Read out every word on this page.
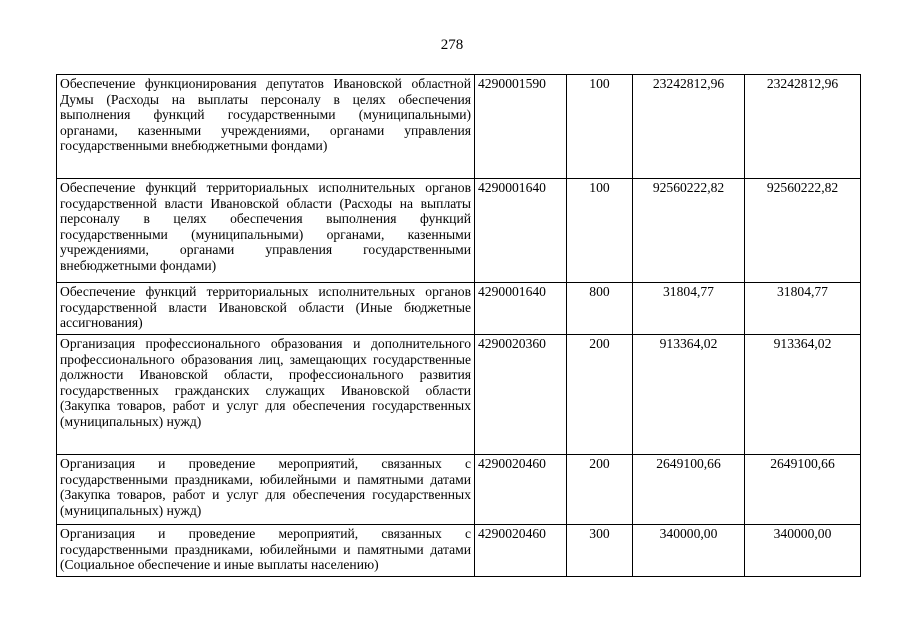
278
Обеспечение функционирования депутатов Ивановской областной Думы (Расходы на выплаты персоналу в целях обеспечения выполнения функций государственными (муниципальными) органами, казенными учреждениями, органами управления государственными внебюджетными фондами)	4290001590	100	23242812,96	23242812,96
Обеспечение функций территориальных исполнительных органов государственной власти Ивановской области (Расходы на выплаты персоналу в целях обеспечения выполнения функций государственными (муниципальными) органами, казенными учреждениями, органами управления государственными внебюджетными фондами)	4290001640	100	92560222,82	92560222,82
Обеспечение функций территориальных исполнительных органов государственной власти Ивановской области (Иные бюджетные ассигнования)	4290001640	800	31804,77	31804,77
Организация профессионального образования и дополнительного профессионального образования лиц, замещающих государственные должности Ивановской области, профессионального развития государственных гражданских служащих Ивановской области (Закупка товаров, работ и услуг для обеспечения государственных (муниципальных) нужд)	4290020360	200	913364,02	913364,02
Организация и проведение мероприятий, связанных с государственными праздниками, юбилейными и памятными датами (Закупка товаров, работ и услуг для обеспечения государственных (муниципальных) нужд)	4290020460	200	2649100,66	2649100,66
Организация и проведение мероприятий, связанных с государственными праздниками, юбилейными и памятными датами (Социальное обеспечение и иные выплаты населению)	4290020460	300	340000,00	340000,00
